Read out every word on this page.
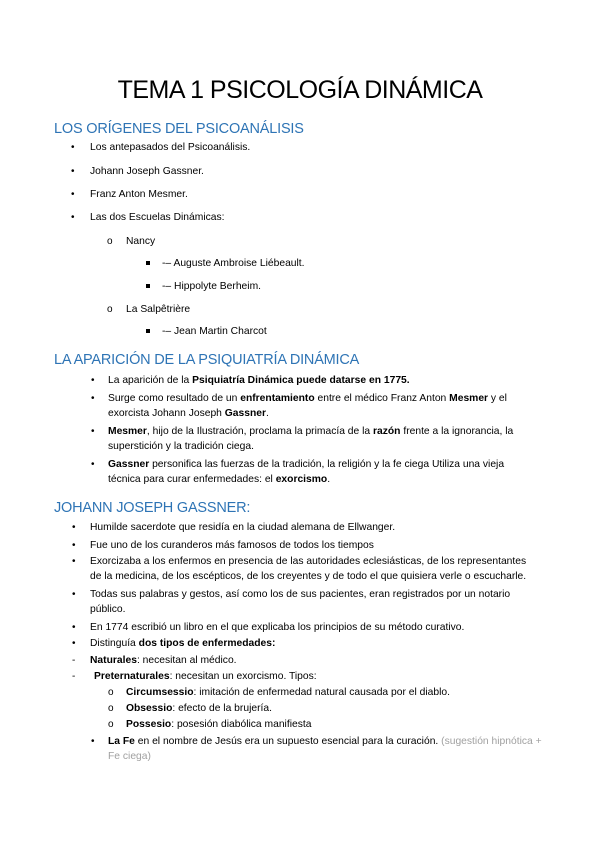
TEMA 1 PSICOLOGÍA DINÁMICA
LOS ORÍGENES DEL PSICOANÁLISIS
• Los antepasados del Psicoanálisis.
• Johann Joseph Gassner.
• Franz Anton Mesmer.
• Las dos Escuelas Dinámicas:
o Nancy
-– Auguste Ambroise Liébeault.
-– Hippolyte Berheim.
o La Salpêtrière
-– Jean Martin Charcot
LA APARICIÓN DE LA PSIQUIATRÍA DINÁMICA
• La aparición de la Psiquiatría Dinámica puede datarse en 1775.
• Surge como resultado de un enfrentamiento entre el médico Franz Anton Mesmer y el
exorcista Johann Joseph Gassner.
• Mesmer, hijo de la Ilustración, proclama la primacía de la razón frente a la ignorancia, la
superstición y la tradición ciega.
• Gassner personifica las fuerzas de la tradición, la religión y la fe ciega Utiliza una vieja
técnica para curar enfermedades: el exorcismo.
JOHANN JOSEPH GASSNER:
• Humilde sacerdote que residía en la ciudad alemana de Ellwanger.
• Fue uno de los curanderos más famosos de todos los tiempos
• Exorcizaba a los enfermos en presencia de las autoridades eclesiásticas, de los representantes
de la medicina, de los escépticos, de los creyentes y de todo el que quisiera verle o escucharle.
• Todas sus palabras y gestos, así como los de sus pacientes, eran registrados por un notario
público.
• En 1774 escribió un libro en el que explicaba los principios de su método curativo.
• Distinguía dos tipos de enfermedades:
- Naturales: necesitan al médico.
- Preternaturales: necesitan un exorcismo. Tipos:
o Circumsessio: imitación de enfermedad natural causada por el diablo.
o Obsessio: efecto de la brujería.
o Possesio: posesión diabólica manifiesta
• La Fe en el nombre de Jesús era un supuesto esencial para la curación. (sugestión hipnótica +
Fe ciega)
